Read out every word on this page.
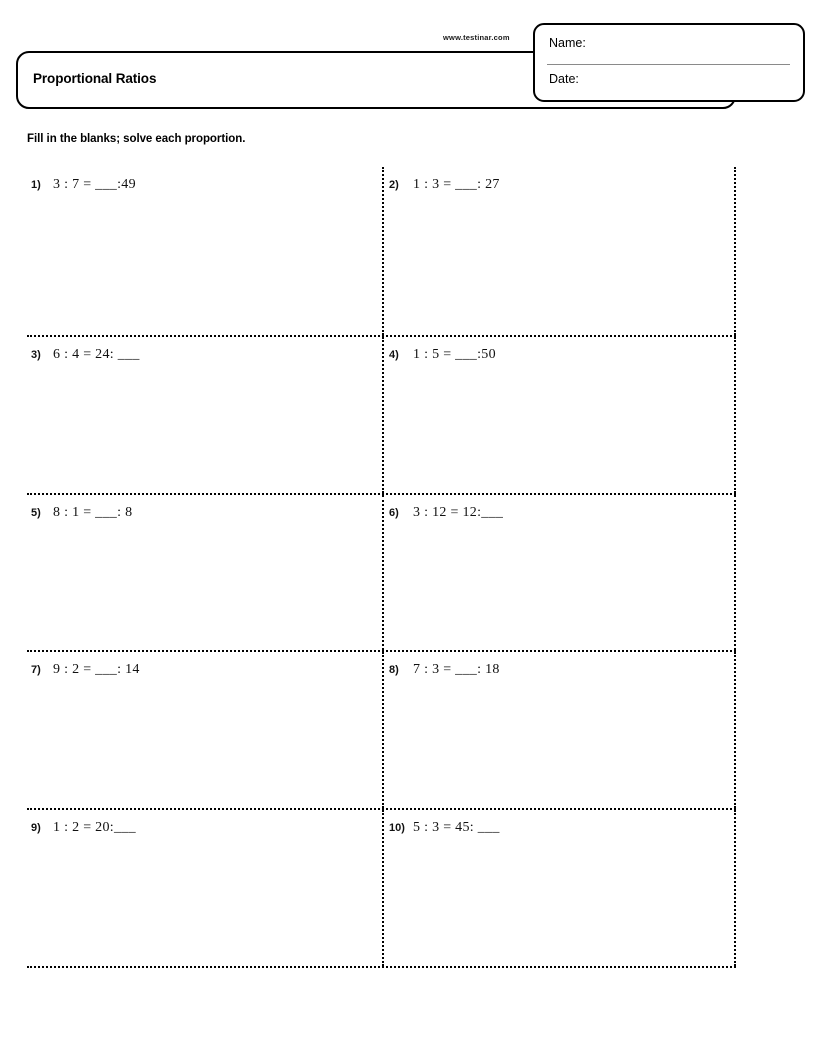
www.testinar.com
Proportional Ratios
Name:
Date:
Fill in the blanks; solve each proportion.
1) 3 : 7 = ___:49	2)	1 : 3 = ___: 27
3) 6 : 4 = 24: ___	4)	1 : 5 = ___:50
5) 8 : 1 = ___: 8	6)	3 : 12 = 12:___
7) 9 : 2 = ___: 14	8)	7 : 3 = ___: 18
9) 1 : 2 = 20:___	10) 5 : 3 = 45: ___
